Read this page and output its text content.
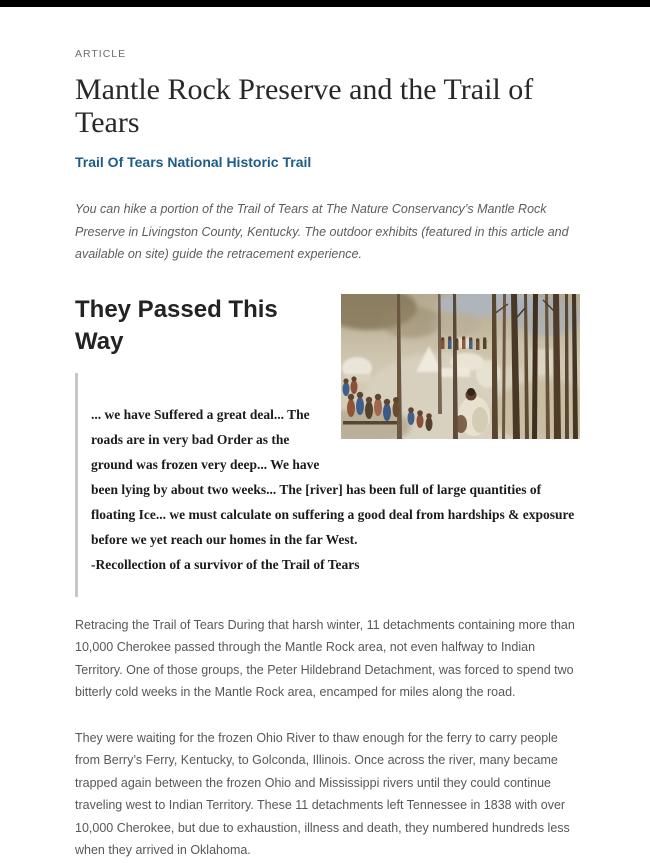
ARTICLE
Mantle Rock Preserve and the Trail of Tears
Trail Of Tears National Historic Trail

You can hike a portion of the Trail of Tears at The Nature Conservancy’s Mantle Rock Preserve in Livingston County, Kentucky. The outdoor exhibits (featured in this article and available on site) guide the retracement experience.

They Passed This Way

... we have Suffered a great deal... The roads are in very bad Order as the ground was frozen very deep... We have been lying by about two weeks... The [river] has been full of large quantities of floating Ice... we must calculate on suffering a good deal from hardships & exposure before we yet reach our homes in the far West.

-Recollection of a survivor of the Trail of Tears

Retracing the Trail of Tears During that harsh winter, 11 detachments containing more than 10,000 Cherokee passed through the Mantle Rock area, not even halfway to Indian Territory. One of those groups, the Peter Hildebrand Detachment, was forced to spend two bitterly cold weeks in the Mantle Rock area, encamped for miles along the road.

They were waiting for the frozen Ohio River to thaw enough for the ferry to carry people from Berry’s Ferry, Kentucky, to Golconda, Illinois. Once across the river, many became trapped again between the frozen Ohio and Mississippi rivers until they could continue traveling west to Indian Territory. These 11 detachments left Tennessee in 1838 with over 10,000 Cherokee, but due to exhaustion, illness and death, they numbered hundreds less when they arrived in Oklahoma.
